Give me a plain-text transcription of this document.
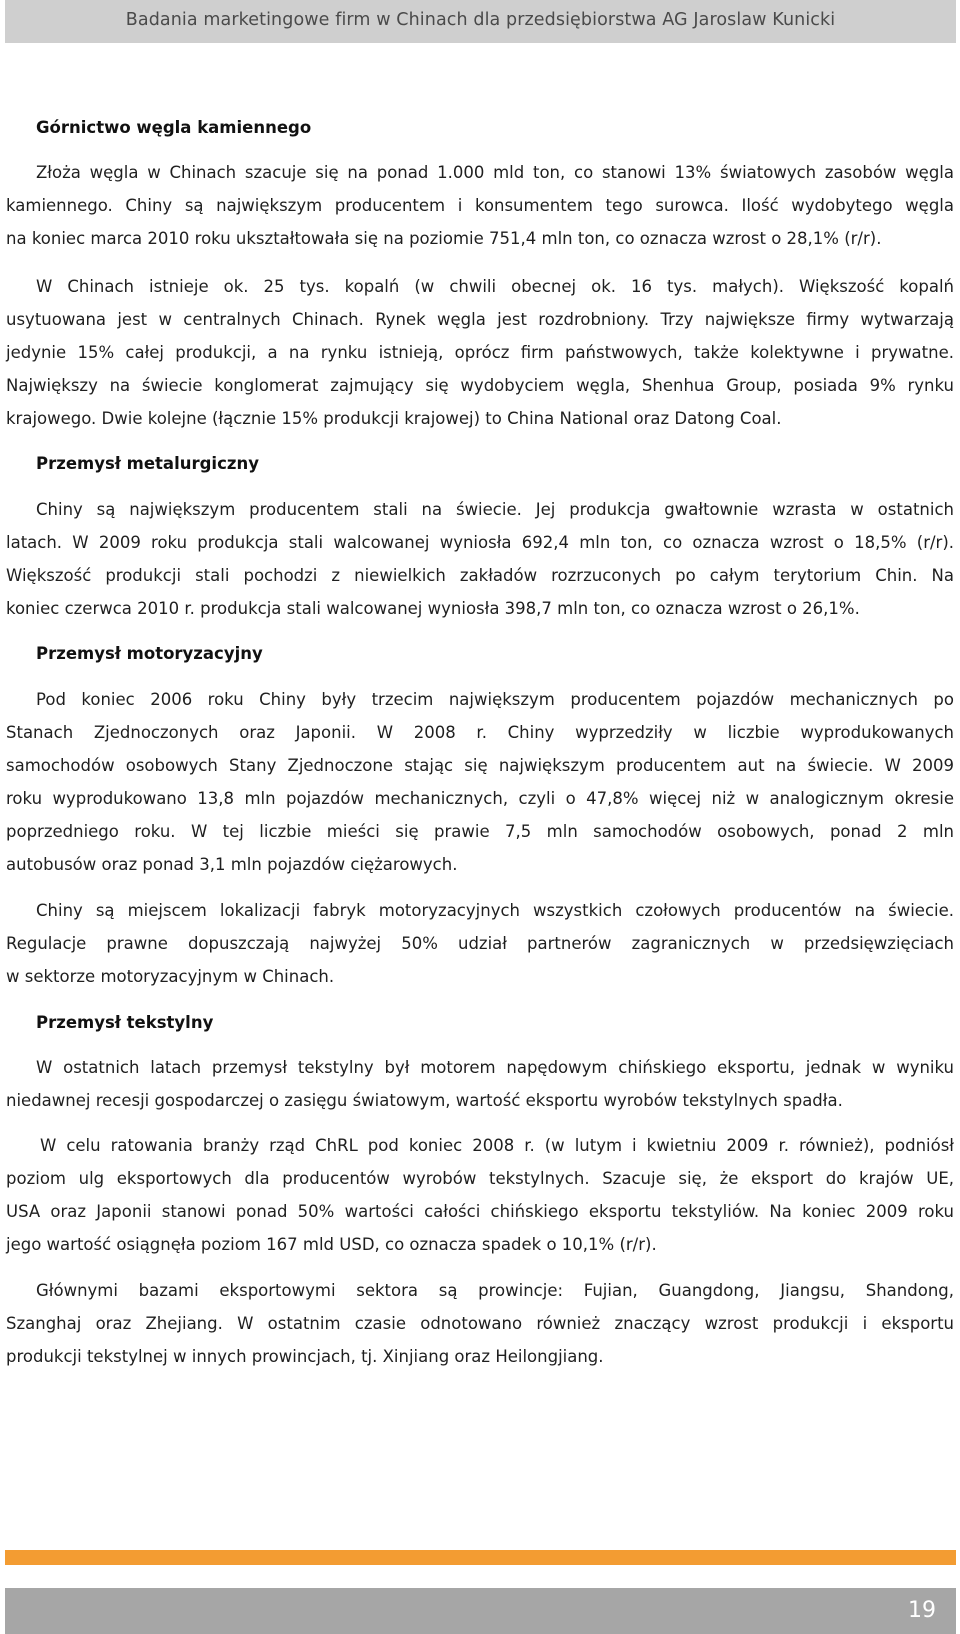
Badania marketingowe firm w Chinach dla przedsiębiorstwa AG Jaroslaw Kunicki
Górnictwo węgla kamiennego
Złoża węgla w Chinach szacuje się na ponad 1.000 mld ton, co stanowi 13% światowych zasobów węgla
kamiennego. Chiny są największym producentem i konsumentem tego surowca. Ilość wydobytego węgla
na koniec marca 2010 roku ukształtowała się na poziomie 751,4 mln ton, co oznacza wzrost o 28,1% (r/r).
W Chinach istnieje ok. 25 tys. kopalń (w chwili obecnej ok. 16 tys. małych). Większość kopalń
usytuowana jest w centralnych Chinach. Rynek węgla jest rozdrobniony. Trzy największe firmy wytwarzają
jedynie 15% całej produkcji, a na rynku istnieją, oprócz firm państwowych, także kolektywne i prywatne.
Największy na świecie konglomerat zajmujący się wydobyciem węgla, Shenhua Group, posiada 9% rynku
krajowego. Dwie kolejne (łącznie 15% produkcji krajowej) to China National oraz Datong Coal.
Przemysł metalurgiczny
Chiny są największym producentem stali na świecie. Jej produkcja gwałtownie wzrasta w ostatnich
latach. W 2009 roku produkcja stali walcowanej wyniosła 692,4 mln ton, co oznacza wzrost o 18,5% (r/r).
Większość produkcji stali pochodzi z niewielkich zakładów rozrzuconych po całym terytorium Chin. Na
koniec czerwca 2010 r. produkcja stali walcowanej wyniosła 398,7 mln ton, co oznacza wzrost o 26,1%.
Przemysł motoryzacyjny
Pod koniec 2006 roku Chiny były trzecim największym producentem pojazdów mechanicznych po
Stanach Zjednoczonych oraz Japonii. W 2008 r. Chiny wyprzedziły w liczbie wyprodukowanych
samochodów osobowych Stany Zjednoczone stając się największym producentem aut na świecie. W 2009
roku wyprodukowano 13,8 mln pojazdów mechanicznych, czyli o 47,8% więcej niż w analogicznym okresie
poprzedniego roku. W tej liczbie mieści się prawie 7,5 mln samochodów osobowych, ponad 2 mln
autobusów oraz ponad 3,1 mln pojazdów ciężarowych.
Chiny są miejscem lokalizacji fabryk motoryzacyjnych wszystkich czołowych producentów na świecie.
Regulacje prawne dopuszczają najwyżej 50% udział partnerów zagranicznych w przedsięwzięciach
w sektorze motoryzacyjnym w Chinach.
Przemysł tekstylny
W ostatnich latach przemysł tekstylny był motorem napędowym chińskiego eksportu, jednak w wyniku
niedawnej recesji gospodarczej o zasięgu światowym, wartość eksportu wyrobów tekstylnych spadła.
W celu ratowania branży rząd ChRL pod koniec 2008 r. (w lutym i kwietniu 2009 r. również), podniósł
poziom ulg eksportowych dla producentów wyrobów tekstylnych. Szacuje się, że eksport do krajów UE,
USA oraz Japonii stanowi ponad 50% wartości całości chińskiego eksportu tekstyliów. Na koniec 2009 roku
jego wartość osiągnęła poziom 167 mld USD, co oznacza spadek o 10,1% (r/r).
Głównymi bazami eksportowymi sektora są prowincje: Fujian, Guangdong, Jiangsu, Shandong,
Szanghaj oraz Zhejiang. W ostatnim czasie odnotowano również znaczący wzrost produkcji i eksportu
produkcji tekstylnej w innych prowincjach, tj. Xinjiang oraz Heilongjiang.
19
